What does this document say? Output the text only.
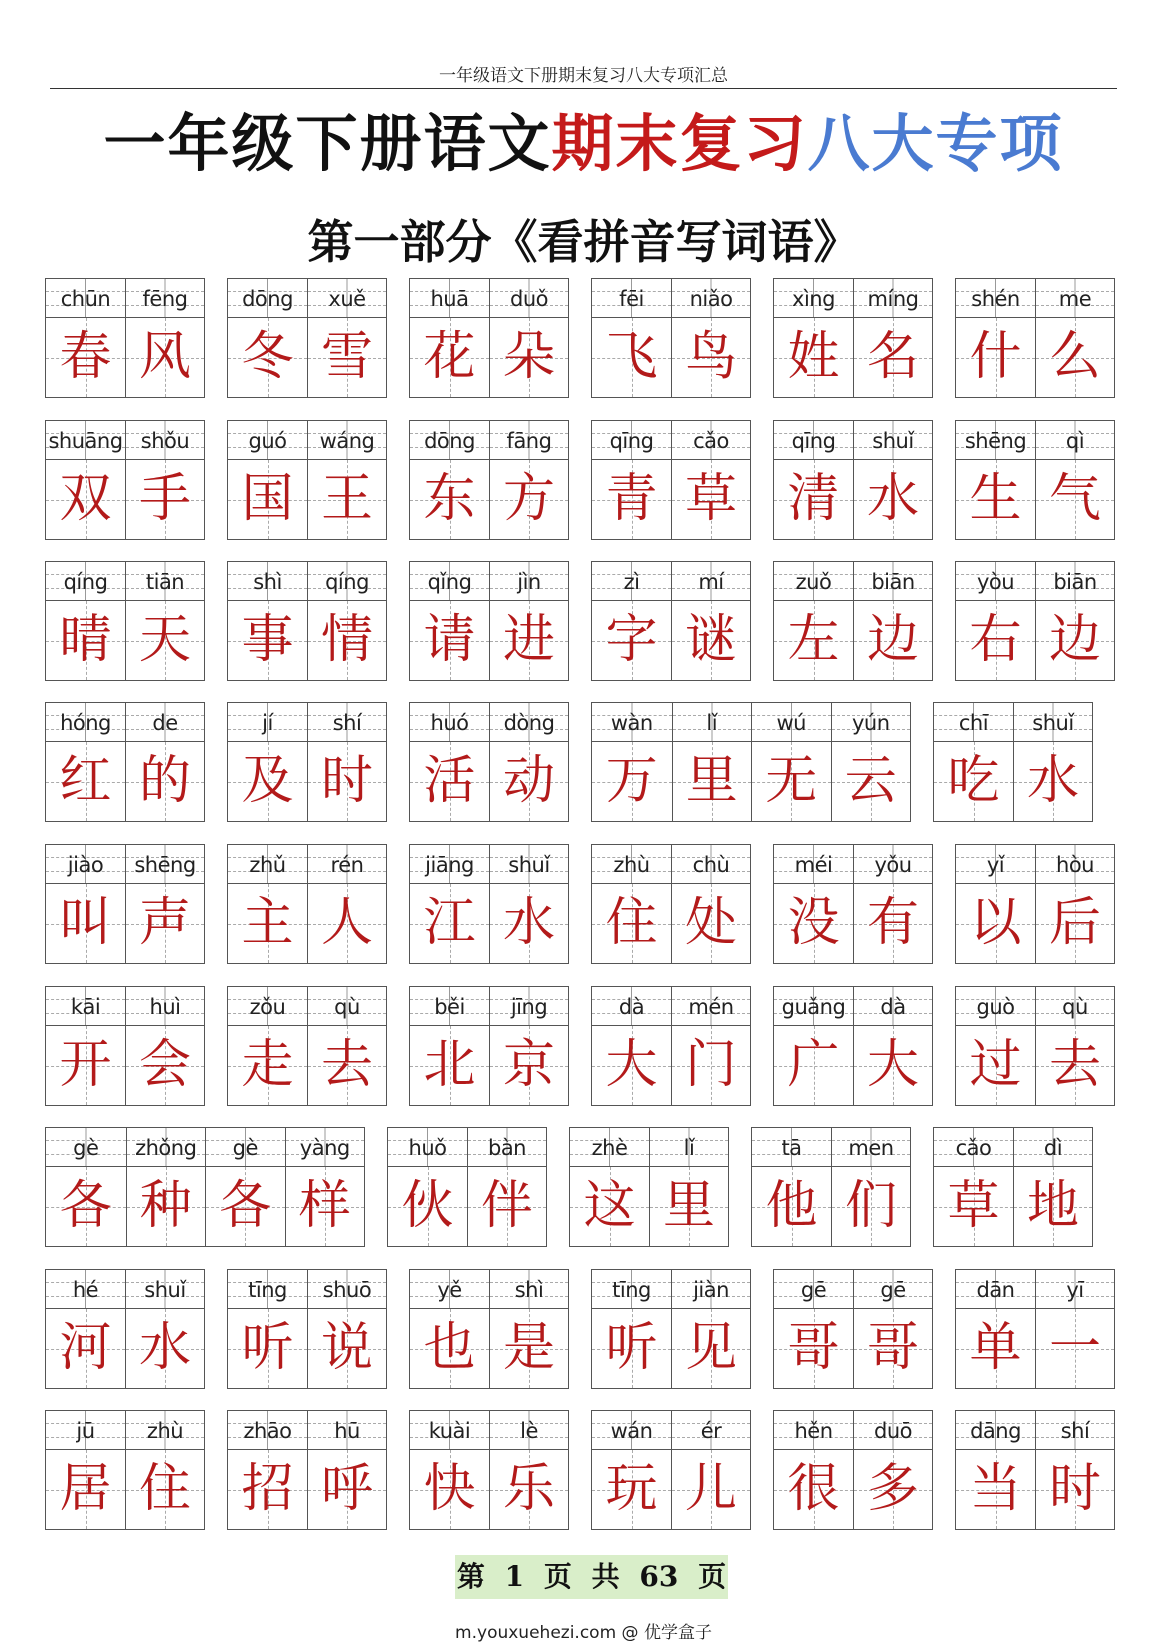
一年级语文下册期末复习八大专项汇总
一年级下册语文期末复习八大专项
第一部分《看拼音写词语》
chūn
春
fēng
风
dōng
冬
xuě
雪
huā
花
duǒ
朵
fēi
飞
niǎo
鸟
xìng
姓
míng
名
shén
什
me
么
shuāng
双
shǒu
手
guó
国
wáng
王
dōng
东
fāng
方
qīng
青
cǎo
草
qīng
清
shuǐ
水
shēng
生
qì
气
qíng
晴
tiān
天
shì
事
qíng
情
qǐng
请
jìn
进
zì
字
mí
谜
zuǒ
左
biān
边
yòu
右
biān
边
hóng
红
de
的
jí
及
shí
时
huó
活
dòng
动
wàn
万
lǐ
里
wú
无
yún
云
chī
吃
shuǐ
水
jiào
叫
shēng
声
zhǔ
主
rén
人
jiāng
江
shuǐ
水
zhù
住
chù
处
méi
没
yǒu
有
yǐ
以
hòu
后
kāi
开
huì
会
zǒu
走
qù
去
běi
北
jīng
京
dà
大
mén
门
guǎng
广
dà
大
guò
过
qù
去
gè
各
zhǒng
种
gè
各
yàng
样
huǒ
伙
bàn
伴
zhè
这
lǐ
里
tā
他
men
们
cǎo
草
dì
地
hé
河
shuǐ
水
tīng
听
shuō
说
yě
也
shì
是
tīng
听
jiàn
见
gē
哥
gē
哥
dān
单
yī
一
jū
居
zhù
住
zhāo
招
hū
呼
kuài
快
lè
乐
wán
玩
ér
儿
hěn
很
duō
多
dāng
当
shí
时
第 1 页 共 63 页
m.youxuehezi.com @ 优学盒子
